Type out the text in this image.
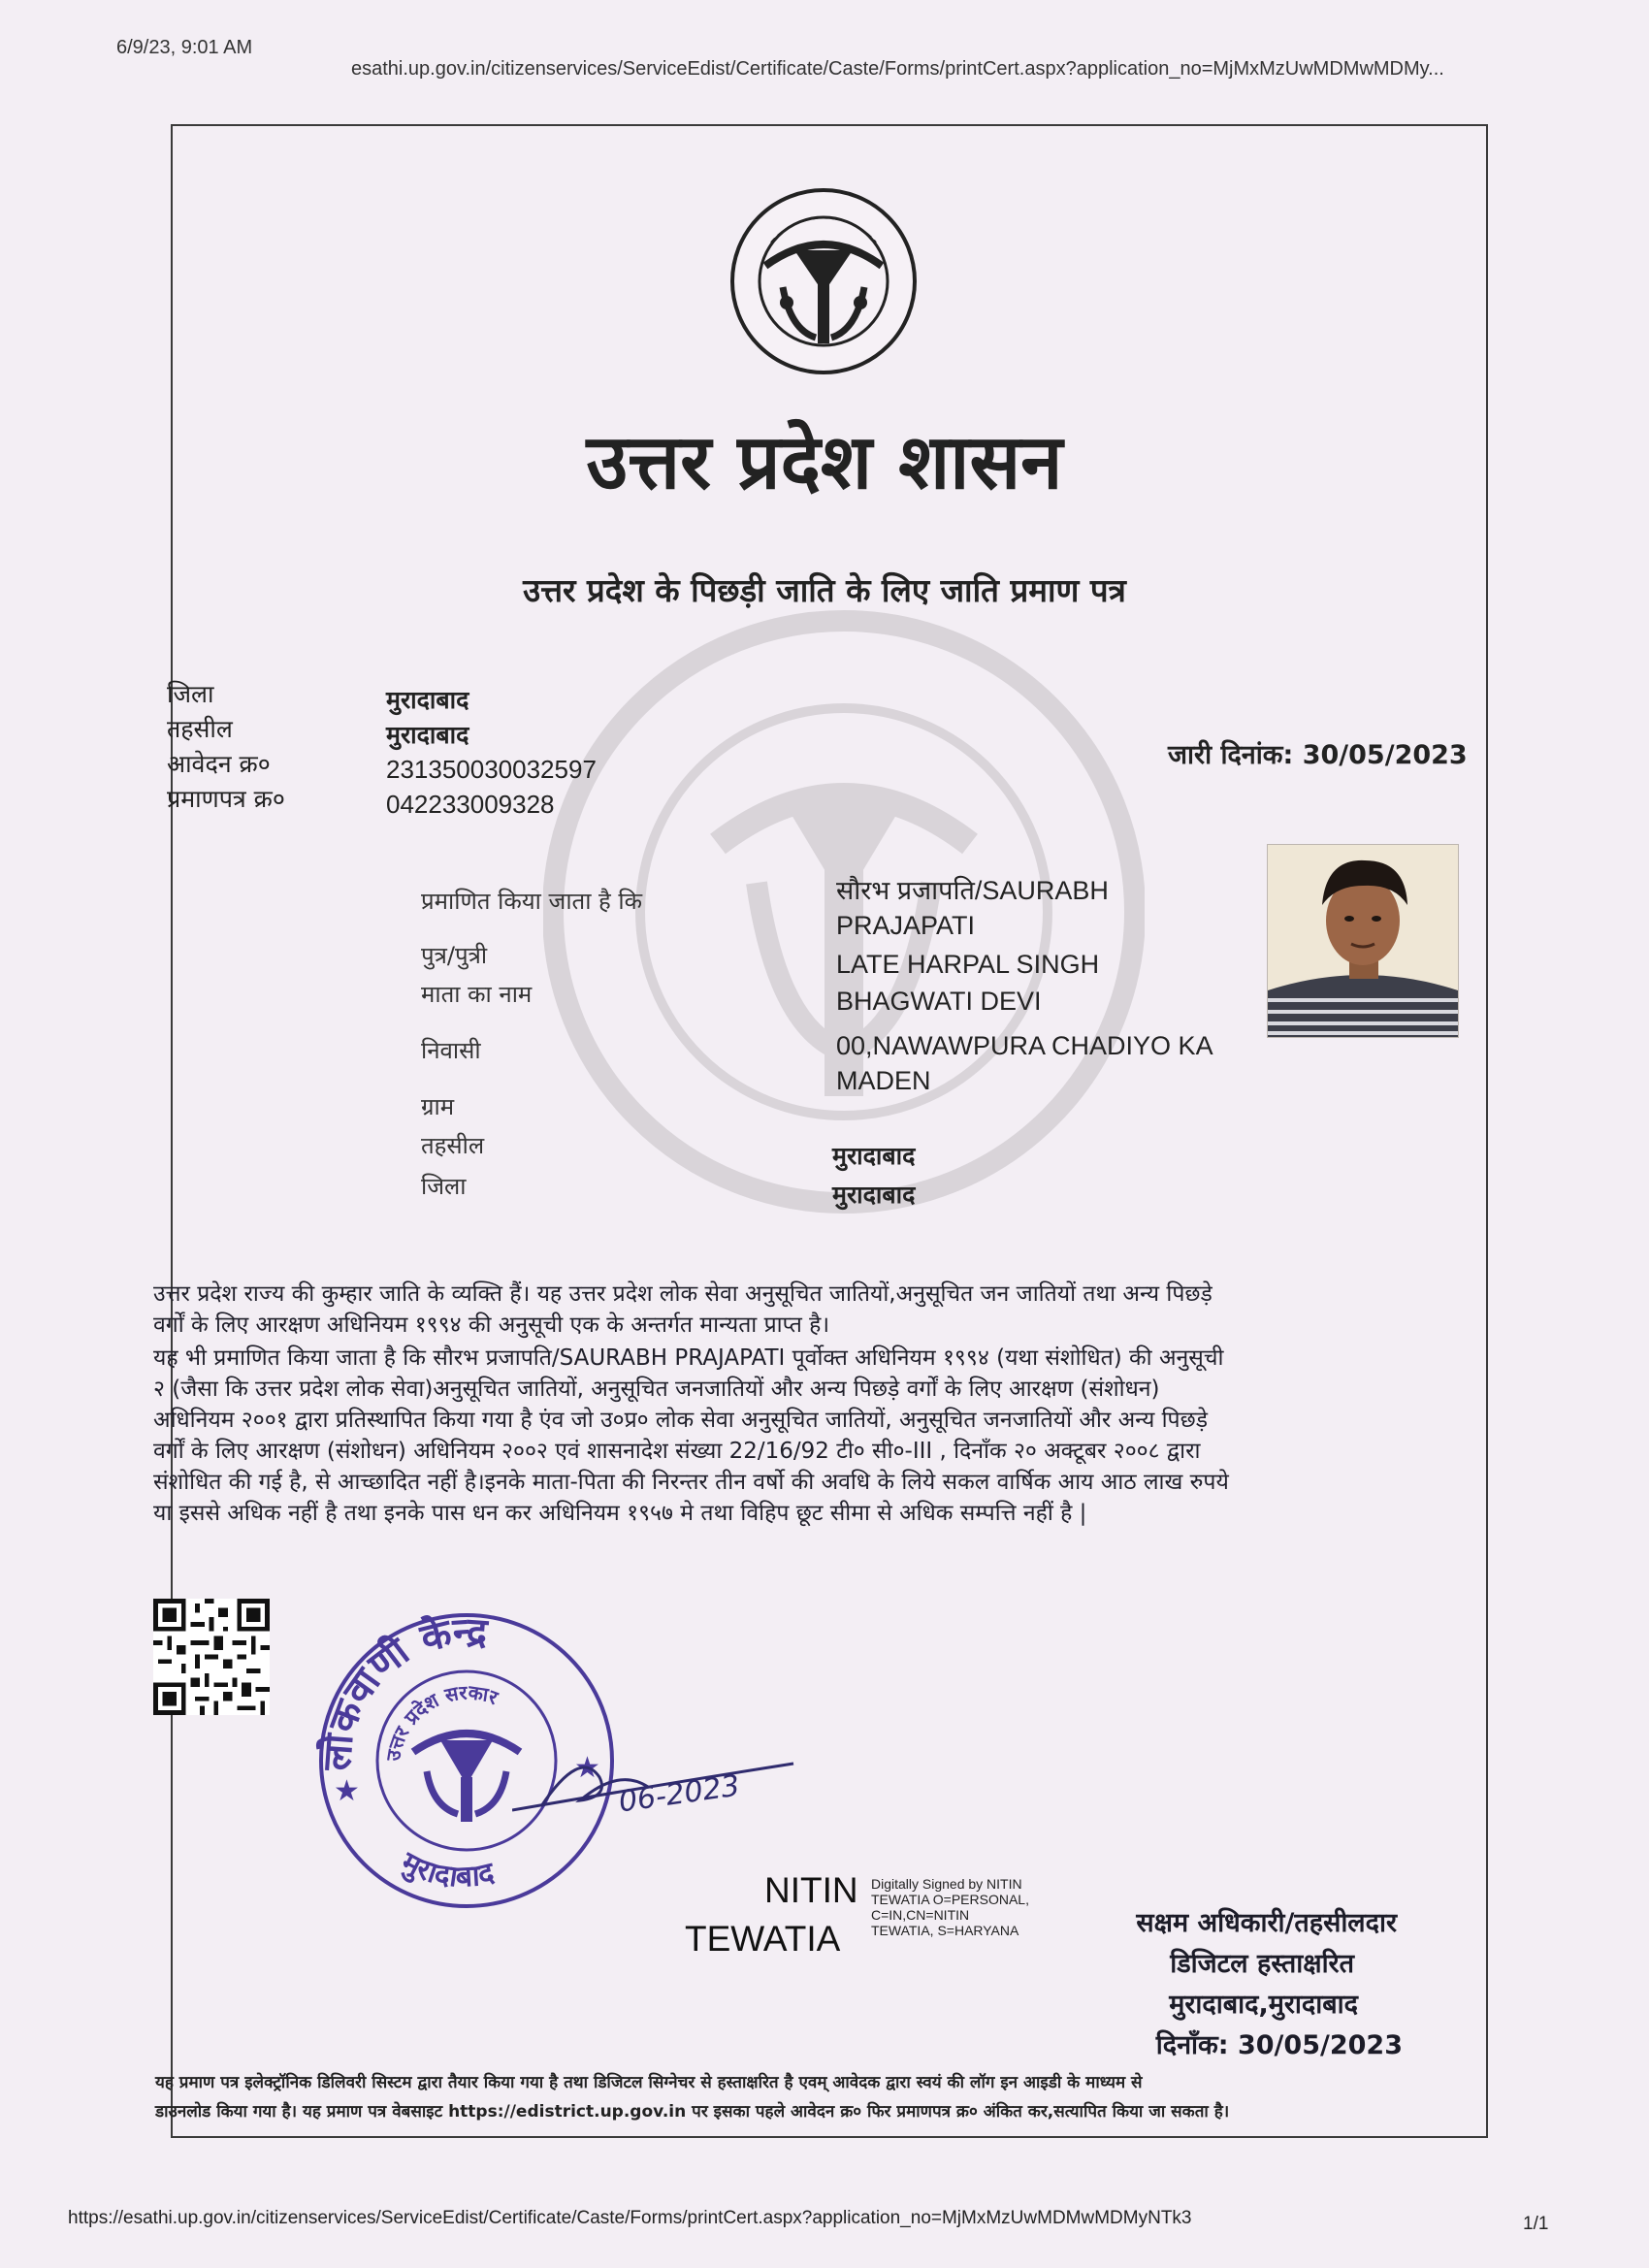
6/9/23, 9:01 AM
esathi.up.gov.in/citizenservices/ServiceEdist/Certificate/Caste/Forms/printCert.aspx?application_no=MjMxMzUwMDMwMDMy...
उत्तर प्रदेश शासन
उत्तर प्रदेश के पिछड़ी जाति के लिए जाति प्रमाण पत्र
जिला	मुरादाबाद
तहसील	मुरादाबाद
आवेदन क्र०	231350030032597
प्रमाणपत्र क्र०	042233009328
जारी दिनांक: 30/05/2023
प्रमाणित किया जाता है कि	सौरभ प्रजापति/SAURABH PRAJAPATI
पुत्र/पुत्री	LATE HARPAL SINGH
माता का नाम	BHAGWATI DEVI
निवासी	00,NAWAWPURA CHADIYO KA MADEN
ग्राम
तहसील	मुरादाबाद
जिला	मुरादाबाद
उत्तर प्रदेश राज्य की कुम्हार जाति के व्यक्ति हैं। यह उत्तर प्रदेश लोक सेवा अनुसूचित जातियों,अनुसूचित जन जातियों तथा अन्य पिछड़े
वर्गों के लिए आरक्षण अधिनियम १९९४ की अनुसूची एक के अन्तर्गत मान्यता प्राप्त है।
यह भी प्रमाणित किया जाता है कि सौरभ प्रजापति/SAURABH PRAJAPATI पूर्वोक्त अधिनियम १९९४ (यथा संशोधित) की अनुसूची
२ (जैसा कि उत्तर प्रदेश लोक सेवा)अनुसूचित जातियों, अनुसूचित जनजातियों और अन्य पिछड़े वर्गों के लिए आरक्षण (संशोधन)
अधिनियम २००१ द्वारा प्रतिस्थापित किया गया है एंव जो उ०प्र० लोक सेवा अनुसूचित जातियों, अनुसूचित जनजातियों और अन्य पिछड़े
वर्गों के लिए आरक्षण (संशोधन) अधिनियम २००२ एवं शासनादेश संख्या 22/16/92 टी० सी०-III , दिनाँक २० अक्टूबर २००८ द्वारा
संशोधित की गई है, से आच्छादित नहीं है।इनके माता-पिता की निरन्तर तीन वर्षो की अवधि के लिये सकल वार्षिक आय आठ लाख रुपये
या इससे अधिक नहीं है तथा इनके पास धन कर अधिनियम १९५७ मे तथा विहिप छूट सीमा से अधिक सम्पत्ति नहीं है |
लोकवाणी केन्द्र
उत्तर प्रदेश सरकार
मुरादाबाद
★
★
06-2023
NITIN
TEWATIA
Digitally Signed by NITIN
TEWATIA O=PERSONAL,
C=IN,CN=NITIN
TEWATIA, S=HARYANA	सक्षम अधिकारी/तहसीलदार
डिजिटल हस्ताक्षरित
मुरादाबाद,मुरादाबाद
दिनाँक: 30/05/2023
यह प्रमाण पत्र इलेक्ट्रॉनिक डिलिवरी सिस्टम द्वारा तैयार किया गया है तथा डिजिटल सिग्नेचर से हस्ताक्षरित है एवम् आवेदक द्वारा स्वयं की लॉग इन आइडी के माध्यम से
डाउनलोड किया गया है। यह प्रमाण पत्र वेबसाइट https://edistrict.up.gov.in पर इसका पहले आवेदन क्र० फिर प्रमाणपत्र क्र० अंकित कर,सत्यापित किया जा सकता है।
https://esathi.up.gov.in/citizenservices/ServiceEdist/Certificate/Caste/Forms/printCert.aspx?application_no=MjMxMzUwMDMwMDMyNTk3	1/1
